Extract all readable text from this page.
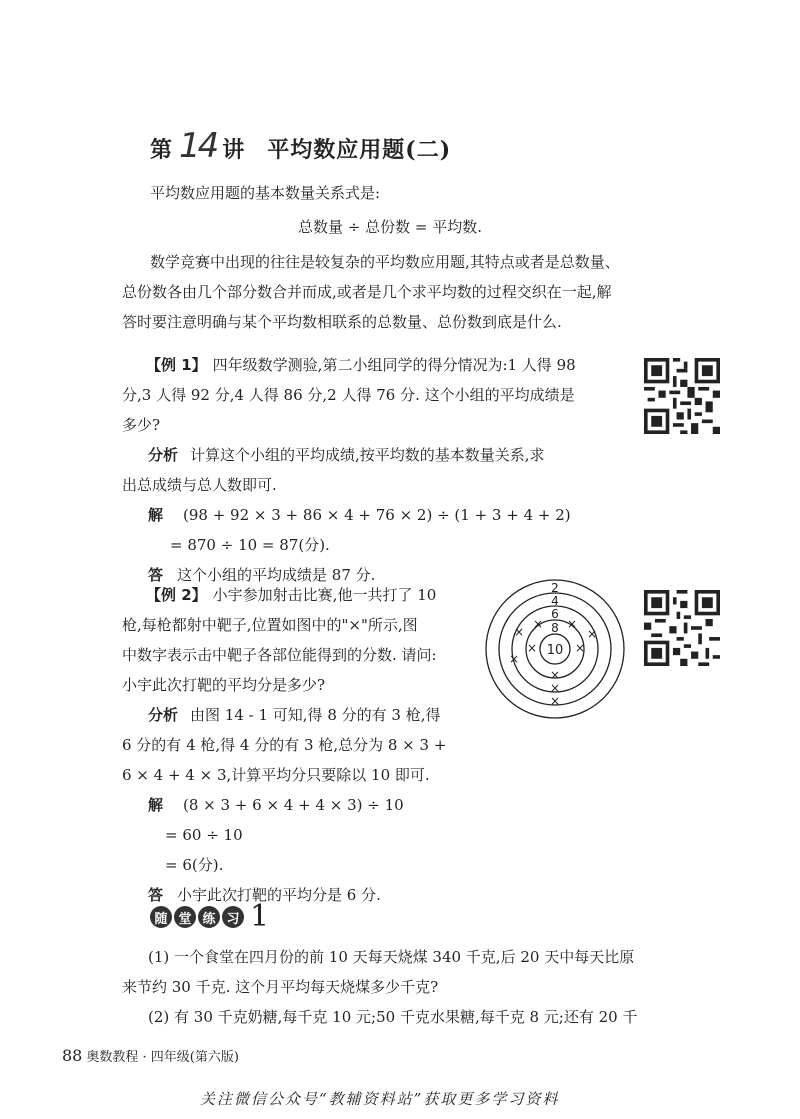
第 14 讲 平均数应用题(二)
平均数应用题的基本数量关系式是:
总数量 ÷ 总份数 = 平均数.
数学竞赛中出现的往往是较复杂的平均数应用题,其特点或者是总数量、
总份数各由几个部分数合并而成,或者是几个求平均数的过程交织在一起,解
答时要注意明确与某个平均数相联系的总数量、总份数到底是什么.
【例 1】 四年级数学测验,第二小组同学的得分情况为:1 人得 98
分,3 人得 92 分,4 人得 86 分,2 人得 76 分. 这个小组的平均成绩是
多少?
分析 计算这个小组的平均成绩,按平均数的基本数量关系,求
出总成绩与总人数即可.
解 (98 + 92 × 3 + 86 × 4 + 76 × 2) ÷ (1 + 3 + 4 + 2)
= 870 ÷ 10 = 87(分).
答 这个小组的平均成绩是 87 分.
【例 2】 小宇参加射击比赛,他一共打了 10
枪,每枪都射中靶子,位置如图中的"×"所示,图
中数字表示击中靶子各部位能得到的分数. 请问:
小宇此次打靶的平均分是多少?
分析 由图 14 - 1 可知,得 8 分的有 3 枪,得
6 分的有 4 枪,得 4 分的有 3 枪,总分为 8 × 3 +
6 × 4 + 4 × 3,计算平均分只要除以 10 即可.
解 (8 × 3 + 6 × 4 + 4 × 3) ÷ 10
= 60 ÷ 10
= 6(分).
答 小宇此次打靶的平均分是 6 分.
2
4
6
8
10
× ×
×
×
×
×
×
×
×
×
随 堂 练 习 1
(1) 一个食堂在四月份的前 10 天每天烧煤 340 千克,后 20 天中每天比原
来节约 30 千克. 这个月平均每天烧煤多少千克?
(2) 有 30 千克奶糖,每千克 10 元;50 千克水果糖,每千克 8 元;还有 20 千
88 奥数教程 · 四年级(第六版)
关注微信公众号“教辅资料站”获取更多学习资料
